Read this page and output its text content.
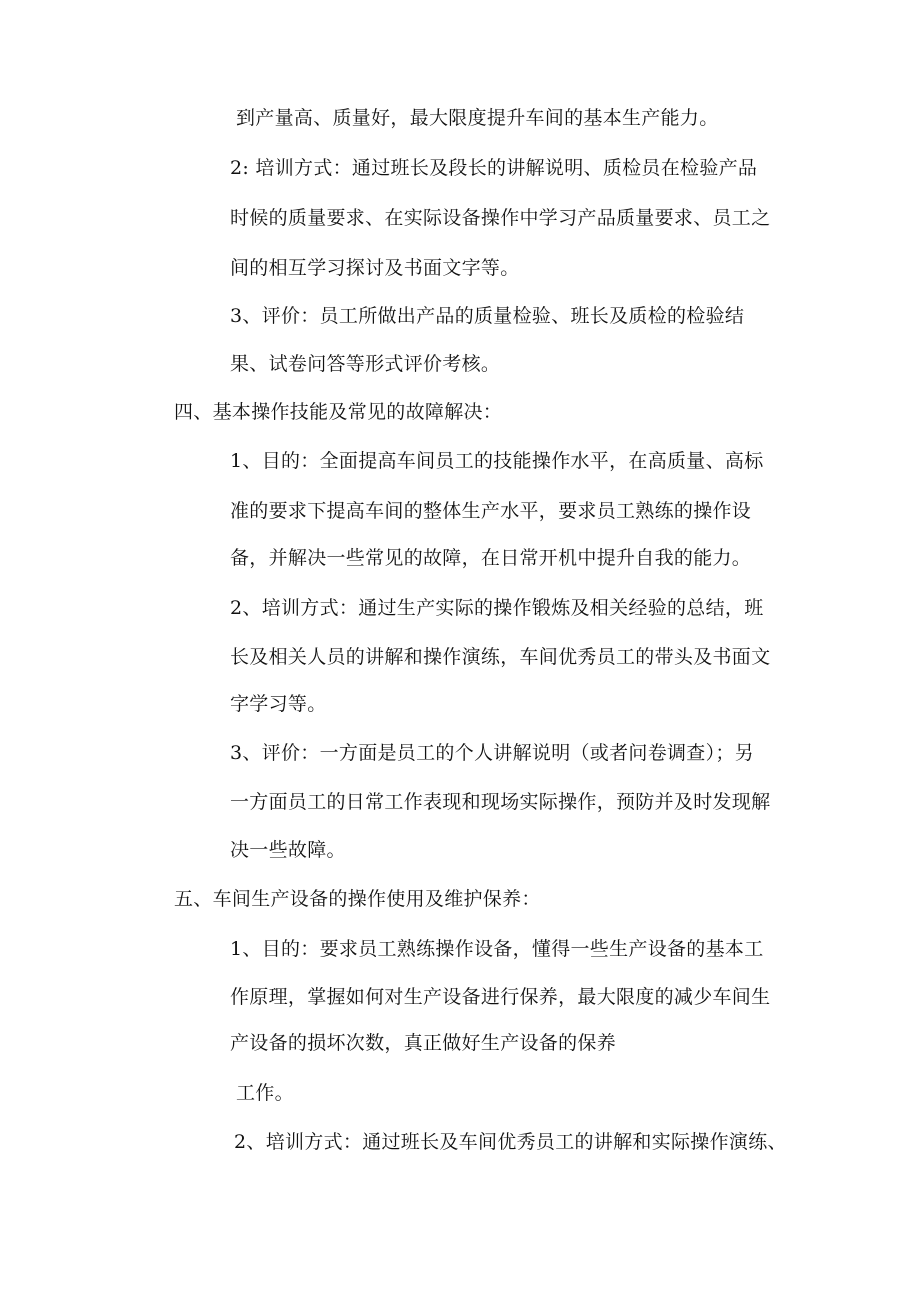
到产量高、质量好，最大限度提升车间的基本生产能力。
2: 培训方式：通过班长及段长的讲解说明、质检员在检验产品
时候的质量要求、在实际设备操作中学习产品质量要求、员工之
间的相互学习探讨及书面文字等。
3、评价：员工所做出产品的质量检验、班长及质检的检验结
果、试卷问答等形式评价考核。
四、基本操作技能及常见的故障解决：
1、目的：全面提高车间员工的技能操作水平，在高质量、高标
准的要求下提高车间的整体生产水平，要求员工熟练的操作设
备，并解决一些常见的故障，在日常开机中提升自我的能力。
2、培训方式：通过生产实际的操作锻炼及相关经验的总结，班
长及相关人员的讲解和操作演练，车间优秀员工的带头及书面文
字学习等。
3、评价：一方面是员工的个人讲解说明（或者问卷调查）；另
一方面员工的日常工作表现和现场实际操作，预防并及时发现解
决一些故障。
五、车间生产设备的操作使用及维护保养：
1、目的：要求员工熟练操作设备，懂得一些生产设备的基本工
作原理，掌握如何对生产设备进行保养，最大限度的减少车间生
产设备的损坏次数，真正做好生产设备的保养
工作。
2、培训方式：通过班长及车间优秀员工的讲解和实际操作演练、
